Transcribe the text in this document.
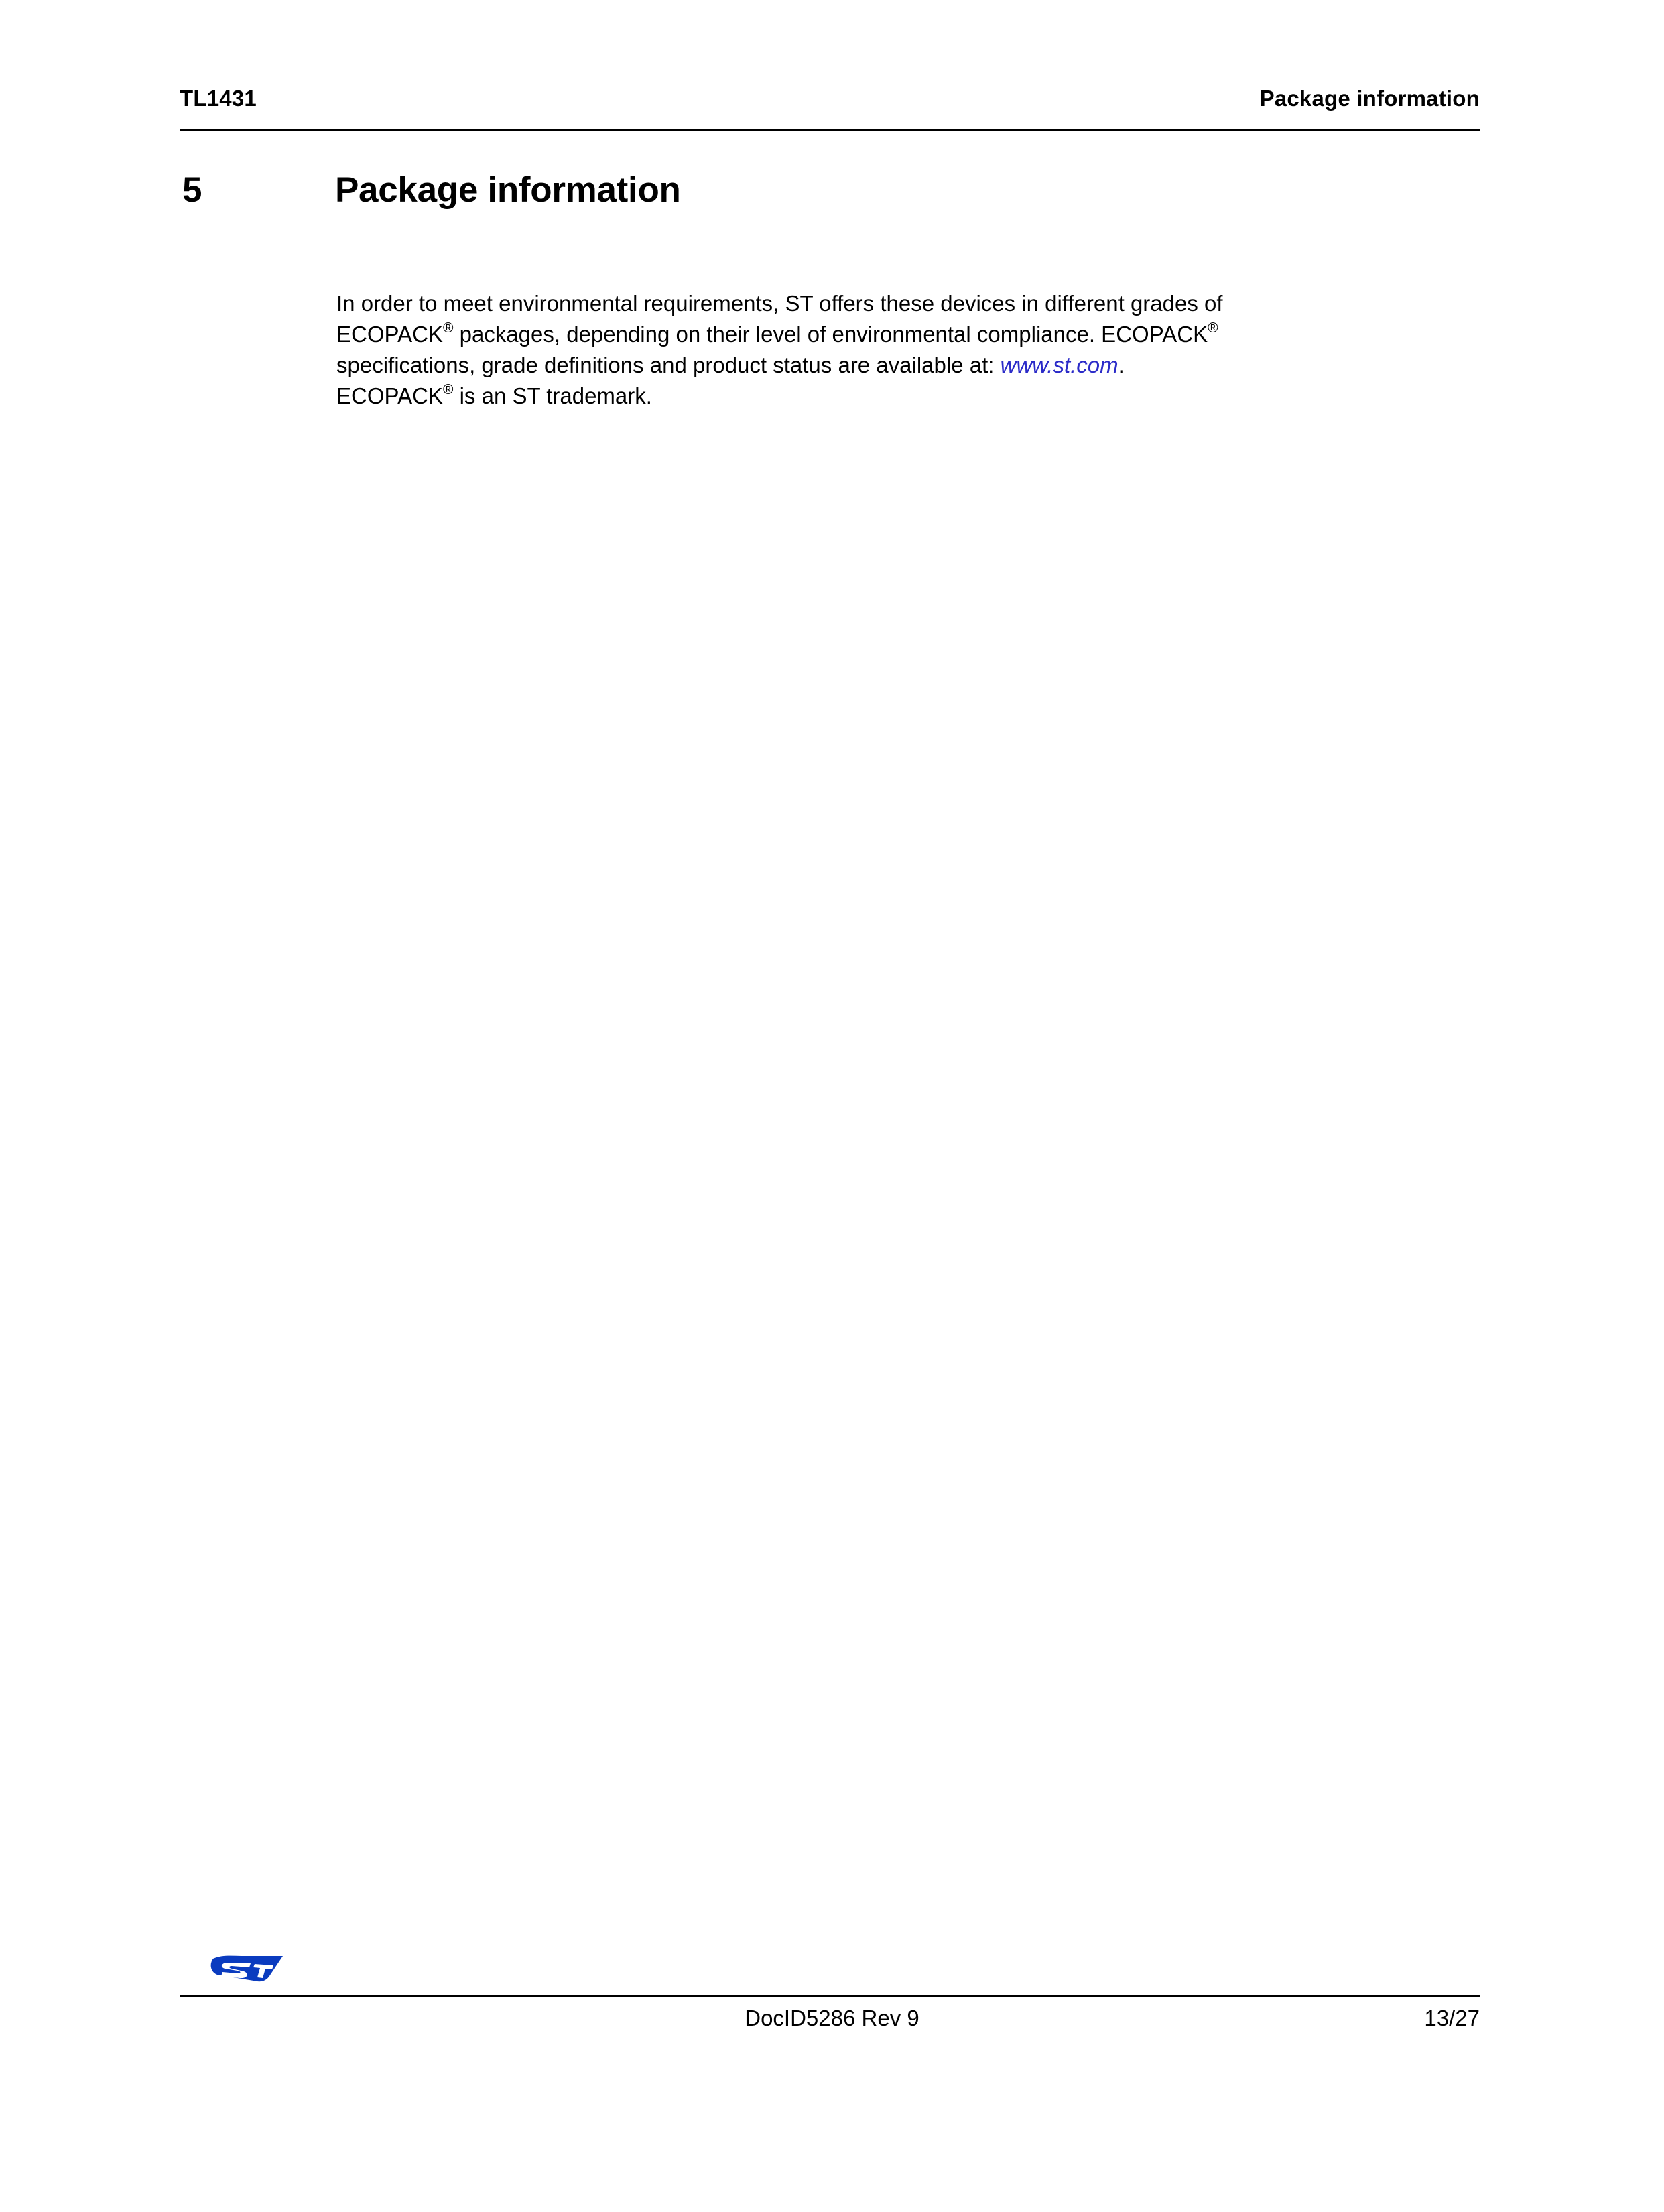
TL1431	Package information
5	Package information
In order to meet environmental requirements, ST offers these devices in different grades of
ECOPACK® packages, depending on their level of environmental compliance. ECOPACK®
specifications, grade definitions and product status are available at: www.st.com.
ECOPACK® is an ST trademark.
DocID5286 Rev 9	13/27
